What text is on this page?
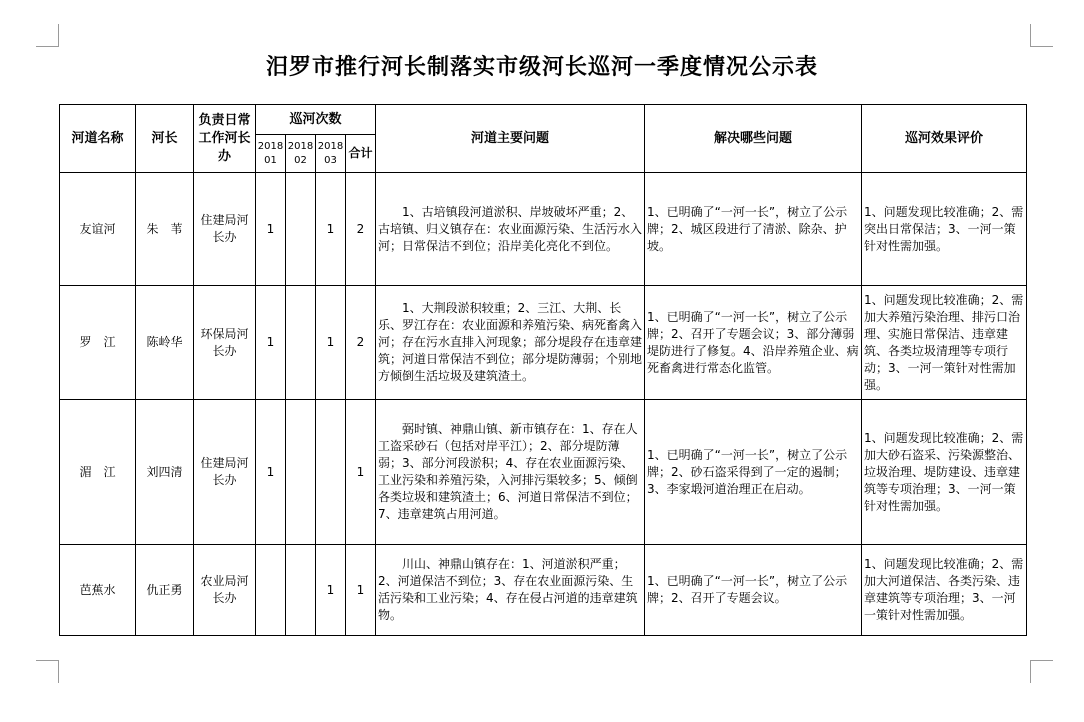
汨罗市推行河长制落实市级河长巡河一季度情况公示表
河道名称	河长	负责日常工作河长办	巡河次数				河道主要问题	解决哪些问题	巡河效果评价
			2018 01	2018 02	2018 03	合计			
友谊河	朱　苇	住建局河长办	1		1	2	　　1、古培镇段河道淤积、岸坡破坏严重；2、古培镇、归义镇存在：农业面源污染、生活污水入河；日常保洁不到位；沿岸美化亮化不到位。	1、已明确了“一河一长”，树立了公示牌；2、城区段进行了清淤、除杂、护坡。	1、问题发现比较准确；2、需突出日常保洁；3、一河一策针对性需加强。
罗　江	陈岭华	环保局河长办	1		1	2	　　1、大荆段淤积较重；2、三江、大荆、长乐、罗江存在：农业面源和养殖污染、病死畜禽入河；存在污水直排入河现象；部分堤段存在违章建筑；河道日常保洁不到位；部分堤防薄弱；个别地方倾倒生活垃圾及建筑渣土。	1、已明确了“一河一长”，树立了公示牌；2、召开了专题会议；3、部分薄弱堤防进行了修复。4、沿岸养殖企业、病死畜禽进行常态化监管。	1、问题发现比较准确；2、需加大养殖污染治理、排污口治理、实施日常保洁、违章建筑、各类垃圾清理等专项行动；3、一河一策针对性需加强。
湄　江	刘四清	住建局河长办	1			1	　　弼时镇、神鼎山镇、新市镇存在：1、存在人工盗采砂石（包括对岸平江）；2、部分堤防薄弱；3、部分河段淤积；4、存在农业面源污染、工业污染和养殖污染，入河排污渠较多；5、倾倒各类垃圾和建筑渣土；6、河道日常保洁不到位；7、违章建筑占用河道。	1、已明确了“一河一长”，树立了公示牌；2、砂石盗采得到了一定的遏制；3、李家塅河道治理正在启动。	1、问题发现比较准确；2、需加大砂石盗采、污染源整治、垃圾治理、堤防建设、违章建筑等专项治理；3、一河一策针对性需加强。
芭蕉水	仇正勇	农业局河长办			1	1	　　川山、神鼎山镇存在：1、河道淤积严重；2、河道保洁不到位；3、存在农业面源污染、生活污染和工业污染；4、存在侵占河道的违章建筑物。	1、已明确了“一河一长”，树立了公示牌；2、召开了专题会议。	1、问题发现比较准确；2、需加大河道保洁、各类污染、违章建筑等专项治理；3、一河一策针对性需加强。
